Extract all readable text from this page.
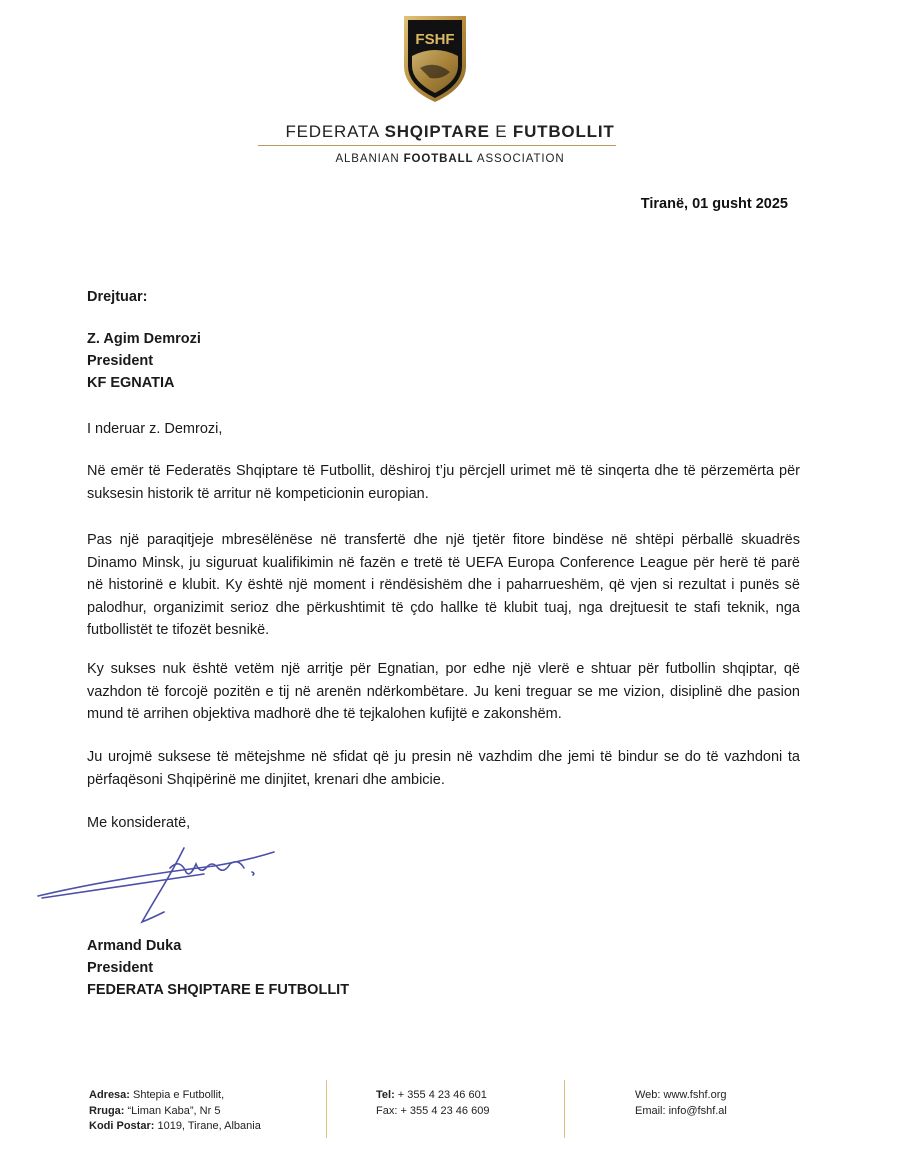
FSHF
FEDERATA SHQIPTARE E FUTBOLLIT
ALBANIAN FOOTBALL ASSOCIATION
Tiranë, 01 gusht 2025

Drejtuar:

Z. Agim Demrozi

President

KF EGNATIA

I nderuar z. Demrozi,

Në emër të Federatës Shqiptare të Futbollit, dëshiroj t’ju përcjell urimet më të sinqerta dhe të përzemërta për suksesin historik të arritur në kompeticionin europian.

Pas një paraqitjeje mbresëlënëse në transfertë dhe një tjetër fitore bindëse në shtëpi përballë skuadrës Dinamo Minsk, ju siguruat kualifikimin në fazën e tretë të UEFA Europa Conference League për herë të parë në historinë e klubit. Ky është një moment i rëndësishëm dhe i paharrueshëm, që vjen si rezultat i punës së palodhur, organizimit serioz dhe përkushtimit të çdo hallke të klubit tuaj, nga drejtuesit te stafi teknik, nga futbollistët te tifozët besnikë.

Ky sukses nuk është vetëm një arritje për Egnatian, por edhe një vlerë e shtuar për futbollin shqiptar, që vazhdon të forcojë pozitën e tij në arenën ndërkombëtare. Ju keni treguar se me vizion, disiplinë dhe pasion mund të arrihen objektiva madhorë dhe të tejkalohen kufijtë e zakonshëm.

Ju urojmë suksese të mëtejshme në sfidat që ju presin në vazhdim dhe jemi të bindur se do të vazhdoni ta përfaqësoni Shqipërinë me dinjitet, krenari dhe ambicie.

Me konsideratë,

Armand Duka

President

FEDERATA SHQIPTARE E FUTBOLLIT

Adresa: Shtepia e Futbollit,
Rruga: “Liman Kaba”, Nr 5
Kodi Postar: 1019, Tirane, Albania
Tel: + 355 4 23 46 601
Fax: + 355 4 23 46 609
Web: www.fshf.org
Email: info@fshf.al
